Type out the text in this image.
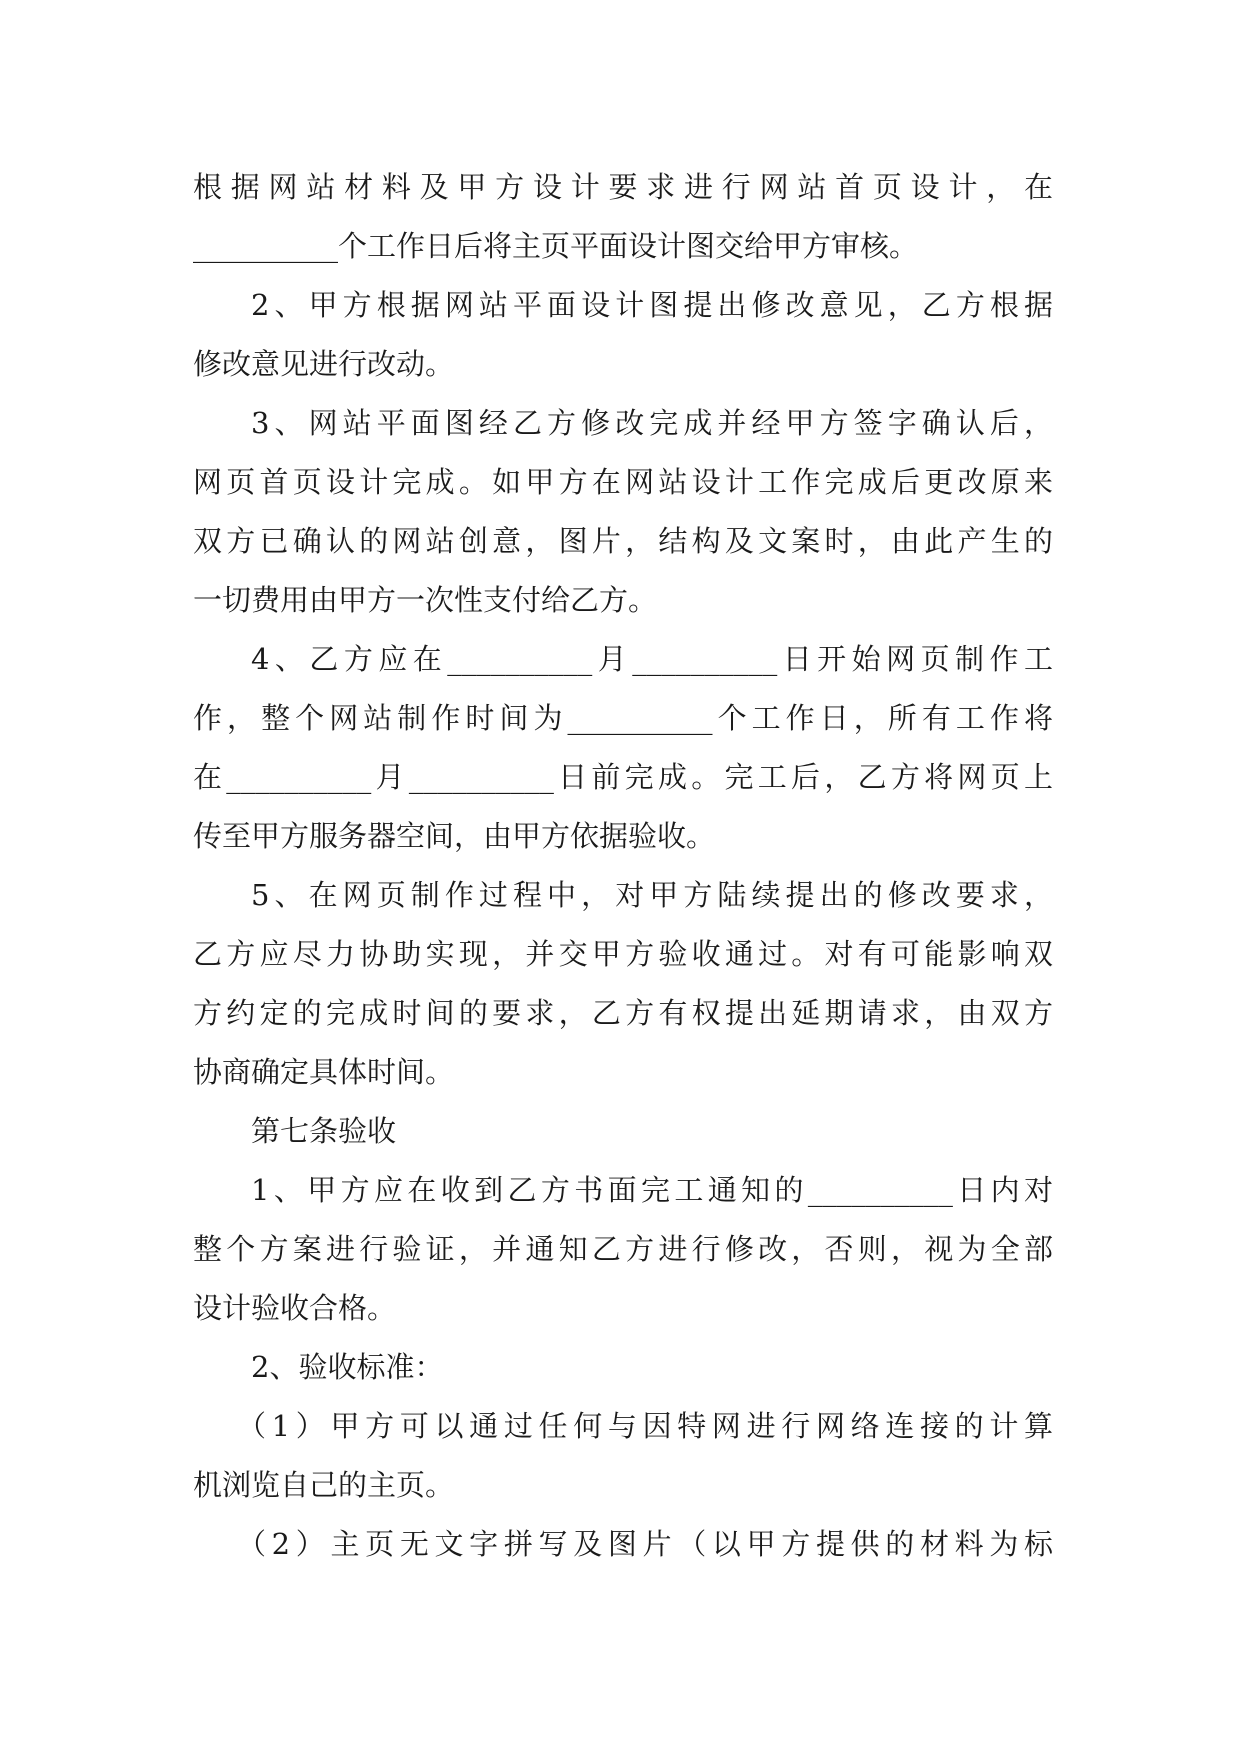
根据网站材料及甲方设计要求进行网站首页设计，在
__________个工作日后将主页平面设计图交给甲方审核。
2、甲方根据网站平面设计图提出修改意见，乙方根据
修改意见进行改动。
3、网站平面图经乙方修改完成并经甲方签字确认后，
网页首页设计完成。如甲方在网站设计工作完成后更改原来
双方已确认的网站创意，图片，结构及文案时，由此产生的
一切费用由甲方一次性支付给乙方。
4、乙方应在__________月__________日开始网页制作工
作，整个网站制作时间为__________个工作日，所有工作将
在__________月__________日前完成。完工后，乙方将网页上
传至甲方服务器空间，由甲方依据验收。
5、在网页制作过程中，对甲方陆续提出的修改要求，
乙方应尽力协助实现，并交甲方验收通过。对有可能影响双
方约定的完成时间的要求，乙方有权提出延期请求，由双方
协商确定具体时间。
第七条验收
1、甲方应在收到乙方书面完工通知的__________日内对
整个方案进行验证，并通知乙方进行修改，否则，视为全部
设计验收合格。
2、验收标准：
（1）甲方可以通过任何与因特网进行网络连接的计算
机浏览自己的主页。
（2）主页无文字拼写及图片（以甲方提供的材料为标
